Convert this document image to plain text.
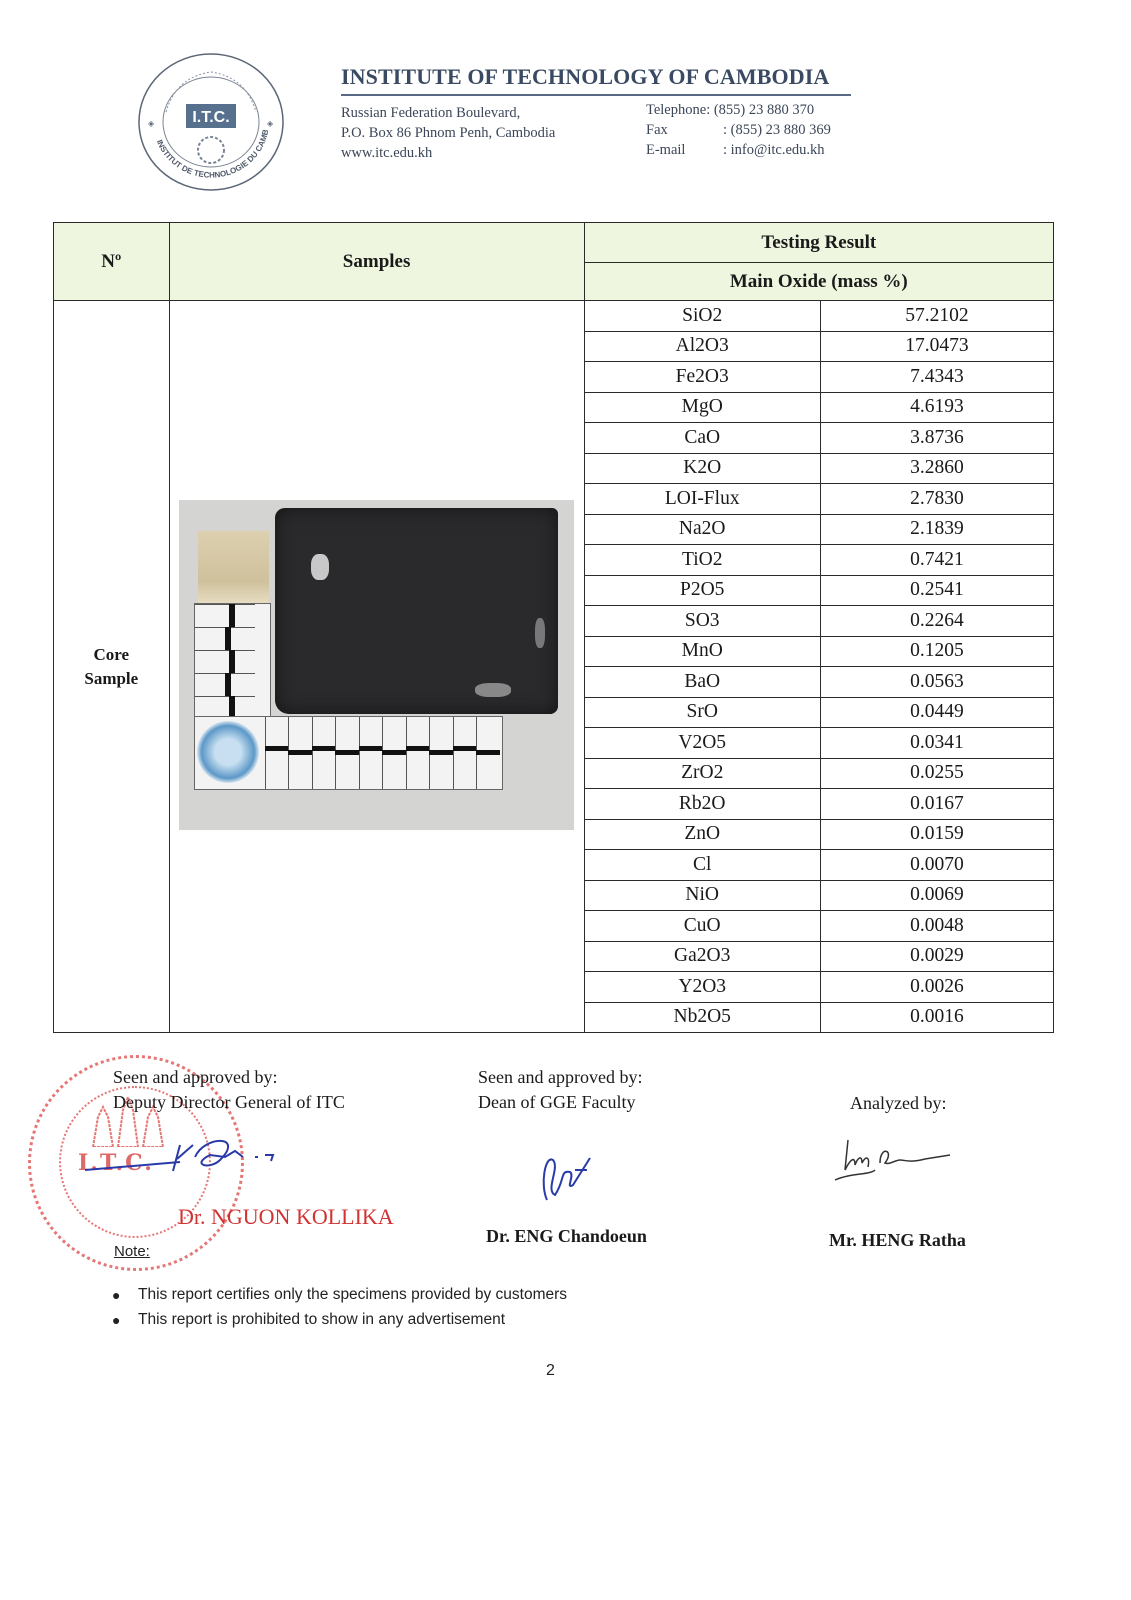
I.T.C.
INSTITUT DE TECHNOLOGIE DU CAMB
◈	◈
INSTITUTE OF TECHNOLOGY OF CAMBODIA
Russian Federation Boulevard,
P.O. Box 86 Phnom Penh, Cambodia
www.itc.edu.kh
Telephone : (855) 23 880 370
Fax	: (855) 23 880 369
E-mail	: info@itc.edu.kh
Nº	Samples	Testing Result	
		Main Oxide (mass %)	

Core
Sample		SiO2	57.2102
		Al2O3	17.0473
		Fe2O3	7.4343
		MgO	4.6193
		CaO	3.8736
		K2O	3.2860
		LOI-Flux	2.7830
		Na2O	2.1839
		TiO2	0.7421
		P2O5	0.2541
		SO3	0.2264
		MnO	0.1205
		BaO	0.0563
		SrO	0.0449
		V2O5	0.0341
		ZrO2	0.0255
		Rb2O	0.0167
		ZnO	0.0159
		Cl	0.0070
		NiO	0.0069
		CuO	0.0048
		Ga2O3	0.0029
		Y2O3	0.0026
		Nb2O5	0.0016
I.T.C.
Seen and approved by:
Deputy Director General of ITC
Dr. NGUON KOLLIKA
Seen and approved by:
Dean of GGE Faculty
Dr. ENG Chandoeun
Analyzed by:
Mr. HENG Ratha
Note:
●	This report certifies only the specimens provided by customers
●	This report is prohibited to show in any advertisement
2
